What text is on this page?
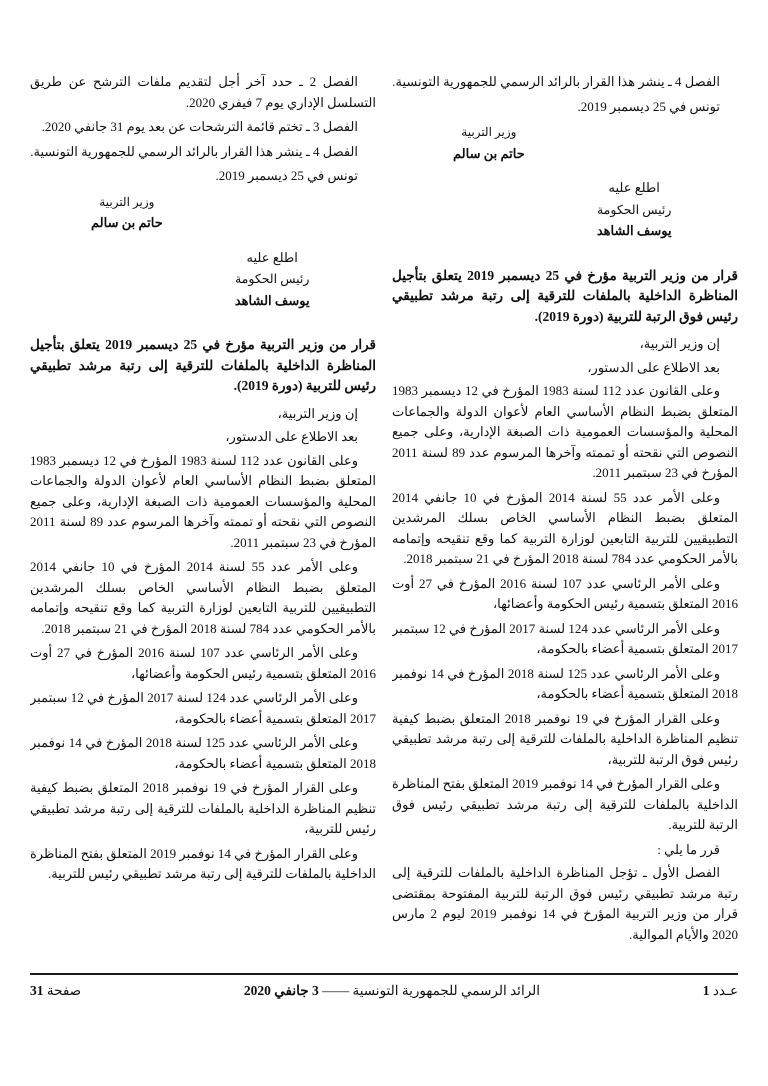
الفصل 4 ـ ينشر هذا القرار بالرائد الرسمي للجمهورية التونسية.

تونس في 25 ديسمبر 2019.

وزير التربية

حاتم بن سالم

اطلع عليه

رئيس الحكومة

يوسف الشاهد

قرار من وزير التربية مؤرخ في 25 ديسمبر 2019 يتعلق بتأجيل المناظرة الداخلية بالملفات للترقية إلى رتبة مرشد تطبيقي رئيس فوق الرتبة للتربية (دورة 2019).

إن وزير التربية،

بعد الاطلاع على الدستور،

وعلى القانون عدد 112 لسنة 1983 المؤرخ في 12 ديسمبر 1983 المتعلق بضبط النظام الأساسي العام لأعوان الدولة والجماعات المحلية والمؤسسات العمومية ذات الصبغة الإدارية، وعلى جميع النصوص التي نقحته أو تممته وآخرها المرسوم عدد 89 لسنة 2011 المؤرخ في 23 سبتمبر 2011.

وعلى الأمر عدد 55 لسنة 2014 المؤرخ في 10 جانفي 2014 المتعلق بضبط النظام الأساسي الخاص بسلك المرشدين التطبيقيين للتربية التابعين لوزارة التربية كما وقع تنقيحه وإتمامه بالأمر الحكومي عدد 784 لسنة 2018 المؤرخ في 21 سبتمبر 2018.

وعلى الأمر الرئاسي عدد 107 لسنة 2016 المؤرخ في 27 أوت 2016 المتعلق بتسمية رئيس الحكومة وأعضائها،

وعلى الأمر الرئاسي عدد 124 لسنة 2017 المؤرخ في 12 سبتمبر 2017 المتعلق بتسمية أعضاء بالحكومة،

وعلى الأمر الرئاسي عدد 125 لسنة 2018 المؤرخ في 14 نوفمبر 2018 المتعلق بتسمية أعضاء بالحكومة،

وعلى القرار المؤرخ في 19 نوفمبر 2018 المتعلق بضبط كيفية تنظيم المناظرة الداخلية بالملفات للترقية إلى رتبة مرشد تطبيقي رئيس فوق الرتبة للتربية،

وعلى القرار المؤرخ في 14 نوفمبر 2019 المتعلق بفتح المناظرة الداخلية بالملفات للترقية إلى رتبة مرشد تطبيقي رئيس فوق الرتبة للتربية.

قرر ما يلي :

الفصل الأول ـ تؤجل المناظرة الداخلية بالملفات للترقية إلى رتبة مرشد تطبيقي رئيس فوق الرتبة للتربية المفتوحة بمقتضى قرار من وزير التربية المؤرخ في 14 نوفمبر 2019 ليوم 2 مارس 2020 والأيام الموالية.

الفصل 2 ـ حدد آخر أجل لتقديم ملفات الترشح عن طريق التسلسل الإداري يوم 7 فيفري 2020.

الفصل 3 ـ تختم قائمة الترشحات عن بعد يوم 31 جانفي 2020.

الفصل 4 ـ ينشر هذا القرار بالرائد الرسمي للجمهورية التونسية.

تونس في 25 ديسمبر 2019.

وزير التربية

حاتم بن سالم

اطلع عليه

رئيس الحكومة

يوسف الشاهد

قرار من وزير التربية مؤرخ في 25 ديسمبر 2019 يتعلق بتأجيل المناظرة الداخلية بالملفات للترقية إلى رتبة مرشد تطبيقي رئيس للتربية (دورة 2019).

إن وزير التربية،

بعد الاطلاع على الدستور،

وعلى القانون عدد 112 لسنة 1983 المؤرخ في 12 ديسمبر 1983 المتعلق بضبط النظام الأساسي العام لأعوان الدولة والجماعات المحلية والمؤسسات العمومية ذات الصبغة الإدارية، وعلى جميع النصوص التي نقحته أو تممته وآخرها المرسوم عدد 89 لسنة 2011 المؤرخ في 23 سبتمبر 2011.

وعلى الأمر عدد 55 لسنة 2014 المؤرخ في 10 جانفي 2014 المتعلق بضبط النظام الأساسي الخاص بسلك المرشدين التطبيقيين للتربية التابعين لوزارة التربية كما وقع تنقيحه وإتمامه بالأمر الحكومي عدد 784 لسنة 2018 المؤرخ في 21 سبتمبر 2018.

وعلى الأمر الرئاسي عدد 107 لسنة 2016 المؤرخ في 27 أوت 2016 المتعلق بتسمية رئيس الحكومة وأعضائها،

وعلى الأمر الرئاسي عدد 124 لسنة 2017 المؤرخ في 12 سبتمبر 2017 المتعلق بتسمية أعضاء بالحكومة،

وعلى الأمر الرئاسي عدد 125 لسنة 2018 المؤرخ في 14 نوفمبر 2018 المتعلق بتسمية أعضاء بالحكومة،

وعلى القرار المؤرخ في 19 نوفمبر 2018 المتعلق بضبط كيفية تنظيم المناظرة الداخلية بالملفات للترقية إلى رتبة مرشد تطبيقي رئيس للتربية،

وعلى القرار المؤرخ في 14 نوفمبر 2019 المتعلق بفتح المناظرة الداخلية بالملفات للترقية إلى رتبة مرشد تطبيقي رئيس للتربية.

عـدد 1
الرائد الرسمي للجمهورية التونسية —— 3 جانفي 2020
صفحة 31
